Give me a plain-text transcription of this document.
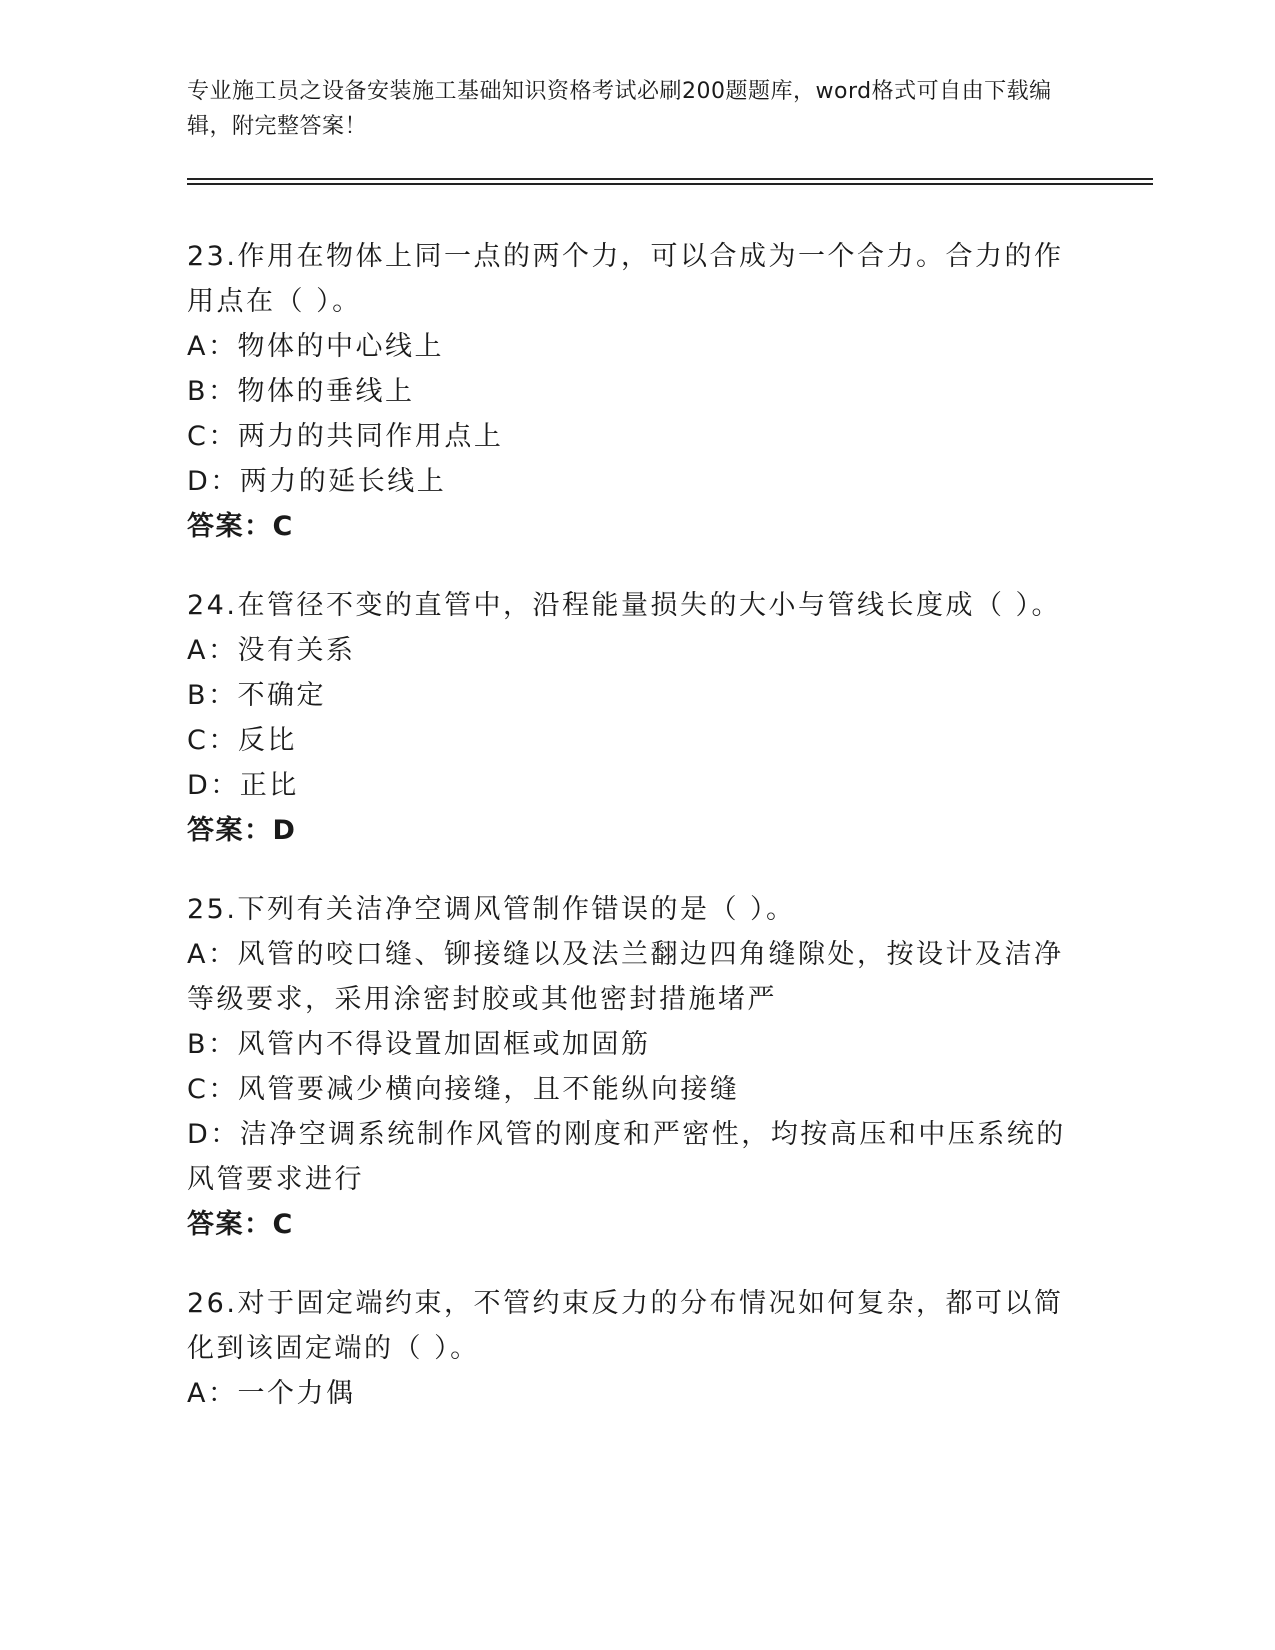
专业施工员之设备安装施工基础知识资格考试必刷200题题库，word格式可自由下载编辑，附完整答案！

23.作用在物体上同一点的两个力，可以合成为一个合力。合力的作用点在（ ）。

A：物体的中心线上

B：物体的垂线上

C：两力的共同作用点上

D：两力的延长线上

答案：C

24.在管径不变的直管中，沿程能量损失的大小与管线长度成（ ）。

A：没有关系

B：不确定

C：反比

D：正比

答案：D

25.下列有关洁净空调风管制作错误的是（ ）。

A：风管的咬口缝、铆接缝以及法兰翻边四角缝隙处，按设计及洁净等级要求，采用涂密封胶或其他密封措施堵严

B：风管内不得设置加固框或加固筋

C：风管要减少横向接缝，且不能纵向接缝

D：洁净空调系统制作风管的刚度和严密性，均按高压和中压系统的风管要求进行

答案：C

26.对于固定端约束，不管约束反力的分布情况如何复杂，都可以简化到该固定端的（ ）。

A：一个力偶
